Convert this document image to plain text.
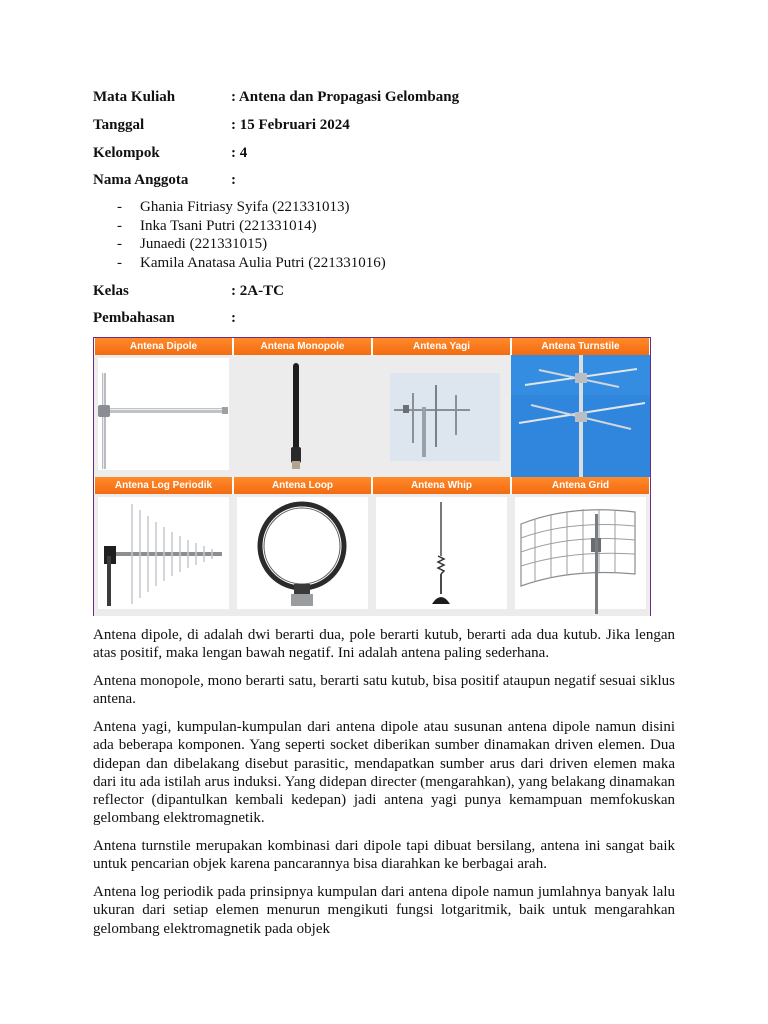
Mata Kuliah	: Antena dan Propagasi Gelombang
Tanggal	: 15 Februari 2024
Kelompok	: 4
Nama Anggota	:
- Ghania Fitriasy Syifa (221331013)
- Inka Tsani Putri (221331014)
- Junaedi (221331015)
- Kamila Anatasa Aulia Putri (221331016)
Kelas	: 2A-TC
Pembahasan	:
Antena Dipole	Antena Monopole	Antena Yagi	Antena Turnstile
Antena Log Periodik	Antena Loop	Antena Whip	Antena Grid

Antena dipole, di adalah dwi berarti dua, pole berarti kutub, berarti ada dua kutub. Jika lengan atas positif, maka lengan bawah negatif. Ini adalah antena paling sederhana.

Antena monopole, mono berarti satu, berarti satu kutub, bisa positif ataupun negatif sesuai siklus antena.

Antena yagi, kumpulan-kumpulan dari antena dipole atau susunan antena dipole namun disini ada beberapa komponen. Yang seperti socket diberikan sumber dinamakan driven elemen. Dua didepan dan dibelakang disebut parasitic, mendapatkan sumber arus dari driven elemen maka dari itu ada istilah arus induksi. Yang didepan directer (mengarahkan), yang belakang dinamakan reflector (dipantulkan kembali kedepan) jadi antena yagi punya kemampuan memfokuskan gelombang elektromagnetik.

Antena turnstile merupakan kombinasi dari dipole tapi dibuat bersilang, antena ini sangat baik untuk pencarian objek karena pancarannya bisa diarahkan ke berbagai arah.

Antena log periodik pada prinsipnya kumpulan dari antena dipole namun jumlahnya banyak lalu ukuran dari setiap elemen menurun mengikuti fungsi lotgaritmik, baik untuk mengarahkan gelombang elektromagnetik pada objek
